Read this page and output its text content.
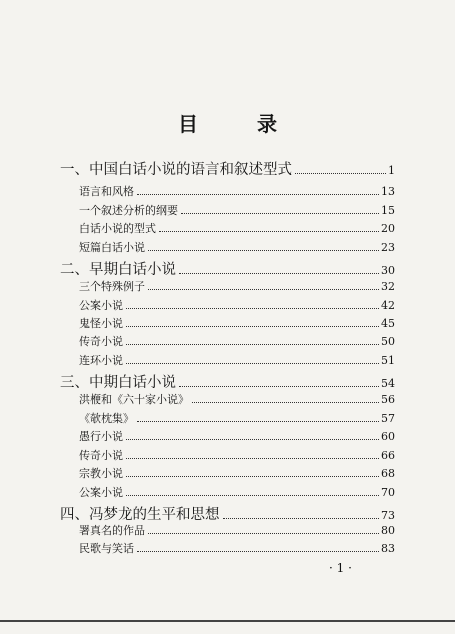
目 录
一、中国白话小说的语言和叙述型式	1
语言和风格	13
一个叙述分析的纲要	15
白话小说的型式	20
短篇白话小说	23
二、早期白话小说	30
三个特殊例子	32
公案小说	42
鬼怪小说	45
传奇小说	50
连环小说	51
三、中期白话小说	54
洪楩和《六十家小说》	56
《欹枕集》	57
愚行小说	60
传奇小说	66
宗教小说	68
公案小说	70
四、冯梦龙的生平和思想	73
署真名的作品	80
民歌与笑话	83
· 1 ·
